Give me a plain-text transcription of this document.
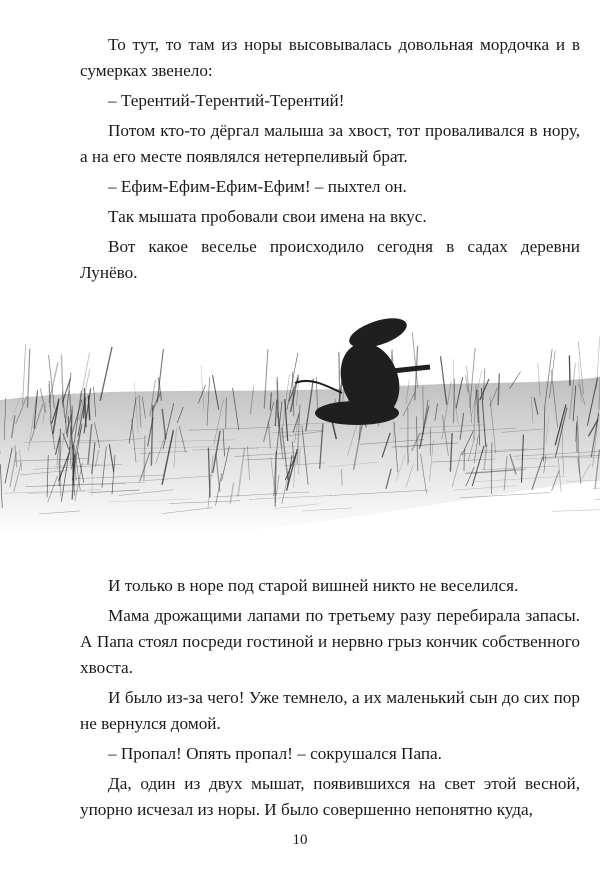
То тут, то там из норы высовывалась довольная мордочка и в сумерках звенело:

– Терентий-Терентий-Терентий!

Потом кто-то дёргал малыша за хвост, тот проваливался в нору, а на его месте появлялся нетерпеливый брат.

– Ефим-Ефим-Ефим-Ефим! – пыхтел он.

Так мышата пробовали свои имена на вкус.

Вот какое веселье происходило сегодня в садах деревни Лунёво.

И только в норе под старой вишней никто не веселился.

Мама дрожащими лапами по третьему разу перебирала запасы. А Папа стоял посреди гостиной и нервно грыз кончик собственного хвоста.

И было из-за чего! Уже темнело, а их маленький сын до сих пор не вернулся домой.

– Пропал! Опять пропал! – сокрушался Папа.

Да, один из двух мышат, появившихся на свет этой весной, упорно исчезал из норы. И было совершенно непонятно куда,

10
